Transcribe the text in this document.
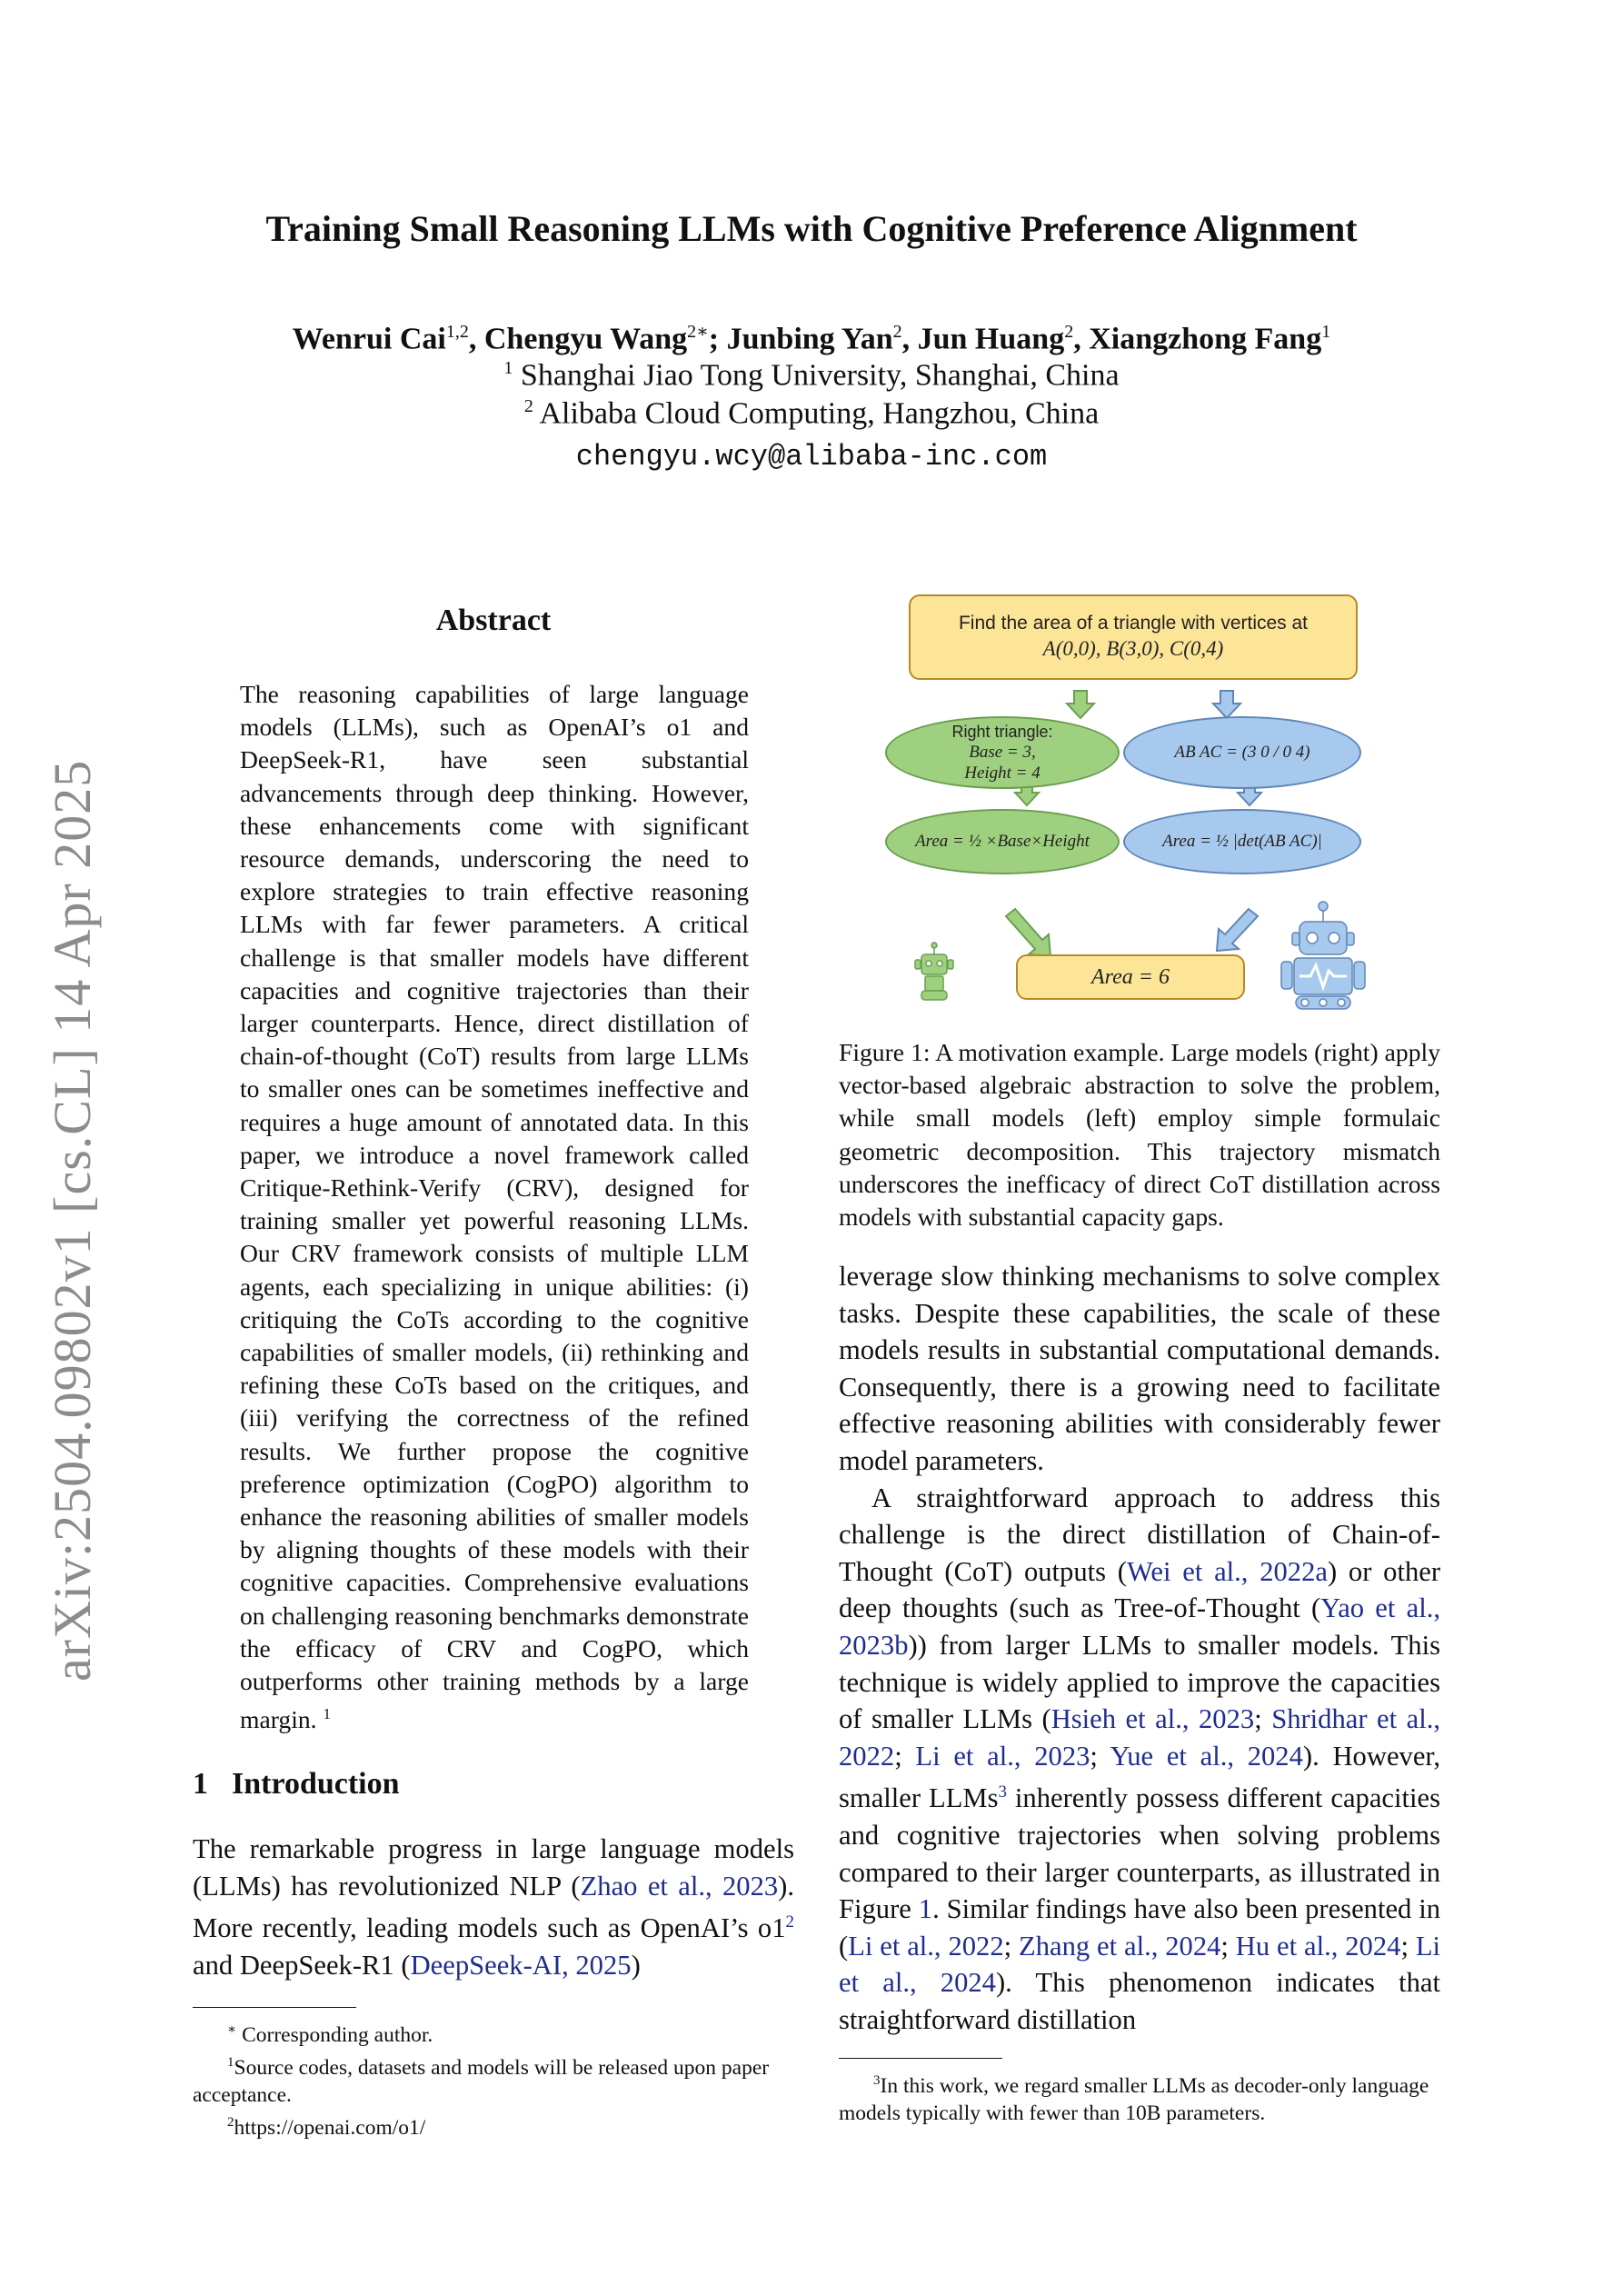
arXiv:2504.09802v1 [cs.CL] 14 Apr 2025
Training Small Reasoning LLMs with Cognitive Preference Alignment
Wenrui Cai$^{1,2}$, Chengyu Wang$^{2∗}$; Junbing Yan$^2$, Jun Huang$^2$, Xiangzhong Fang$^1$
$^1$ Shanghai Jiao Tong University, Shanghai, China
$^2$ Alibaba Cloud Computing, Hangzhou, China
chengyu.wcy@alibaba-inc.com
Abstract
The reasoning capabilities of large language models (LLMs), such as OpenAI’s o1 and DeepSeek-R1, have seen substantial advancements through deep thinking. However, these enhancements come with significant resource demands, underscoring the need to explore strategies to train effective reasoning LLMs with far fewer parameters. A critical challenge is that smaller models have different capacities and cognitive trajectories than their larger counterparts. Hence, direct distillation of chain-of-thought (CoT) results from large LLMs to smaller ones can be sometimes ineffective and requires a huge amount of annotated data. In this paper, we introduce a novel framework called Critique-Rethink-Verify (CRV), designed for training smaller yet powerful reasoning LLMs. Our CRV framework consists of multiple LLM agents, each specializing in unique abilities: (i) critiquing the CoTs according to the cognitive capabilities of smaller models, (ii) rethinking and refining these CoTs based on the critiques, and (iii) verifying the correctness of the refined results. We further propose the cognitive preference optimization (CogPO) algorithm to enhance the reasoning abilities of smaller models by aligning thoughts of these models with their cognitive capacities. Comprehensive evaluations on challenging reasoning benchmarks demonstrate the efficacy of CRV and CogPO, which outperforms other training methods by a large margin. $^1$
1 Introduction

The remarkable progress in large language models (LLMs) has revolutionized NLP (Zhao et al., 2023). More recently, leading models such as OpenAI’s o1$^2$ and DeepSeek-R1 (DeepSeek-AI, 2025)

∗ Corresponding author.

$^1$Source codes, datasets and models will be released upon paper acceptance.

$^2$https://openai.com/o1/

Find the area of a triangle with vertices at
A(0,0), B(3,0), C(0,4)
Right triangle:
Base = 3,
Height = 4
AB AC = (3 0 / 0 4)
Area = ½ ×Base×Height	Area = ½ |det(AB AC)|
Area = 6
Figure 1: A motivation example. Large models (right) apply vector-based algebraic abstraction to solve the problem, while small models (left) employ simple formulaic geometric decomposition. This trajectory mismatch underscores the inefficacy of direct CoT distillation across models with substantial capacity gaps.

leverage slow thinking mechanisms to solve complex tasks. Despite these capabilities, the scale of these models results in substantial computational demands. Consequently, there is a growing need to facilitate effective reasoning abilities with considerably fewer model parameters.

A straightforward approach to address this challenge is the direct distillation of Chain-of-Thought (CoT) outputs (Wei et al., 2022a) or other deep thoughts (such as Tree-of-Thought (Yao et al., 2023b)) from larger LLMs to smaller models. This technique is widely applied to improve the capacities of smaller LLMs (Hsieh et al., 2023; Shridhar et al., 2022; Li et al., 2023; Yue et al., 2024). However, smaller LLMs$^3$ inherently possess different capacities and cognitive trajectories when solving problems compared to their larger counterparts, as illustrated in Figure 1. Similar findings have also been presented in (Li et al., 2022; Zhang et al., 2024; Hu et al., 2024; Li et al., 2024). This phenomenon indicates that straightforward distillation

$^3$In this work, we regard smaller LLMs as decoder-only language models typically with fewer than 10B parameters.
